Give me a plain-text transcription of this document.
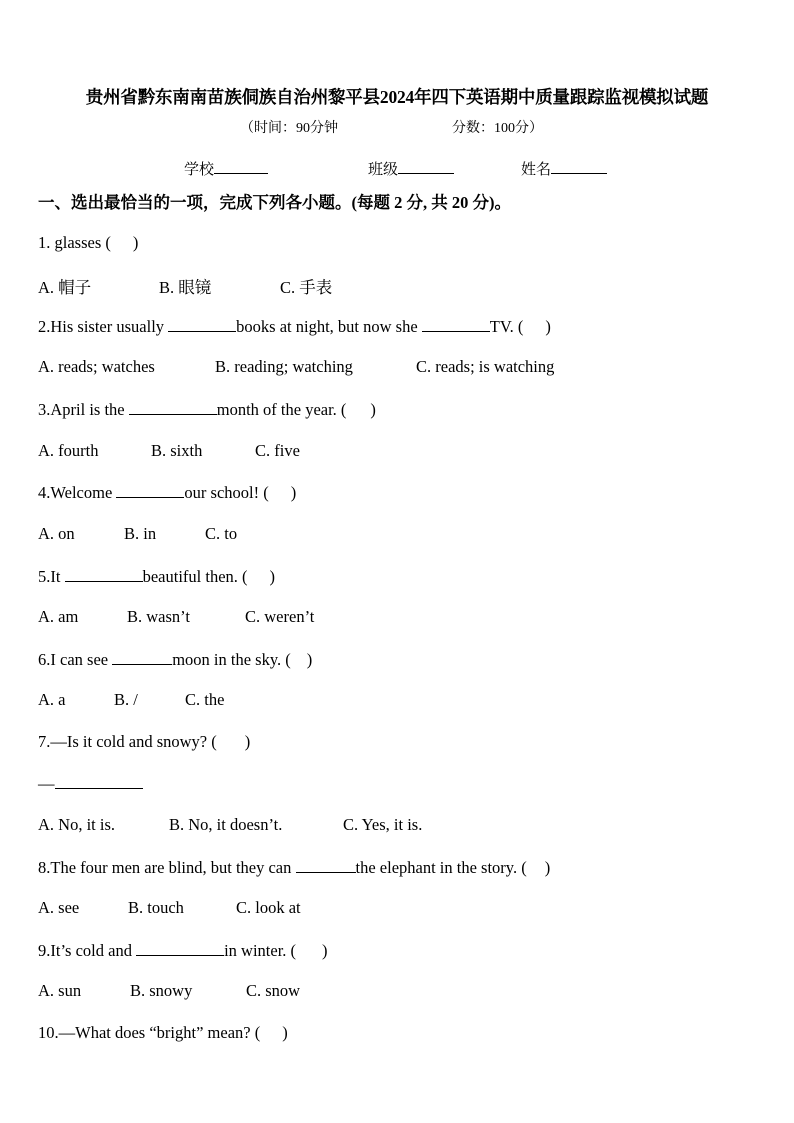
贵州省黔东南南苗族侗族自治州黎平县2024年四下英语期中质量跟踪监视模拟试题
（时间：90分钟	分数：100分）
学校	班级	姓名
一、选出最恰当的一项，完成下列各小题。(每题 2 分, 共 20 分)。
1. glasses ( )
A. 帽子	B. 眼镜	C. 手表
2.His sister usually	books at night, but now she	TV. ( )
A. reads; watches	B. reading; watching	C. reads; is watching
3.April is the	month of the year. ( )
A. fourth	B. sixth	C. five
4.Welcome	our school! ( )
A. on	B. in	C. to
5.It	beautiful then. ( )
A. am	B. wasn’t	C. weren’t
6.I can see	moon in the sky. ( )
A. a	B. /	C. the
7.—Is it cold and snowy? ( )
—
A. No, it is.	B. No, it doesn’t.	C. Yes, it is.
8.The four men are blind, but they can	the elephant in the story. ( )
A. see	B. touch	C. look at
9.It’s cold and	in winter. ( )
A. sun	B. snowy	C. snow
10.—What does “bright” mean? ( )
